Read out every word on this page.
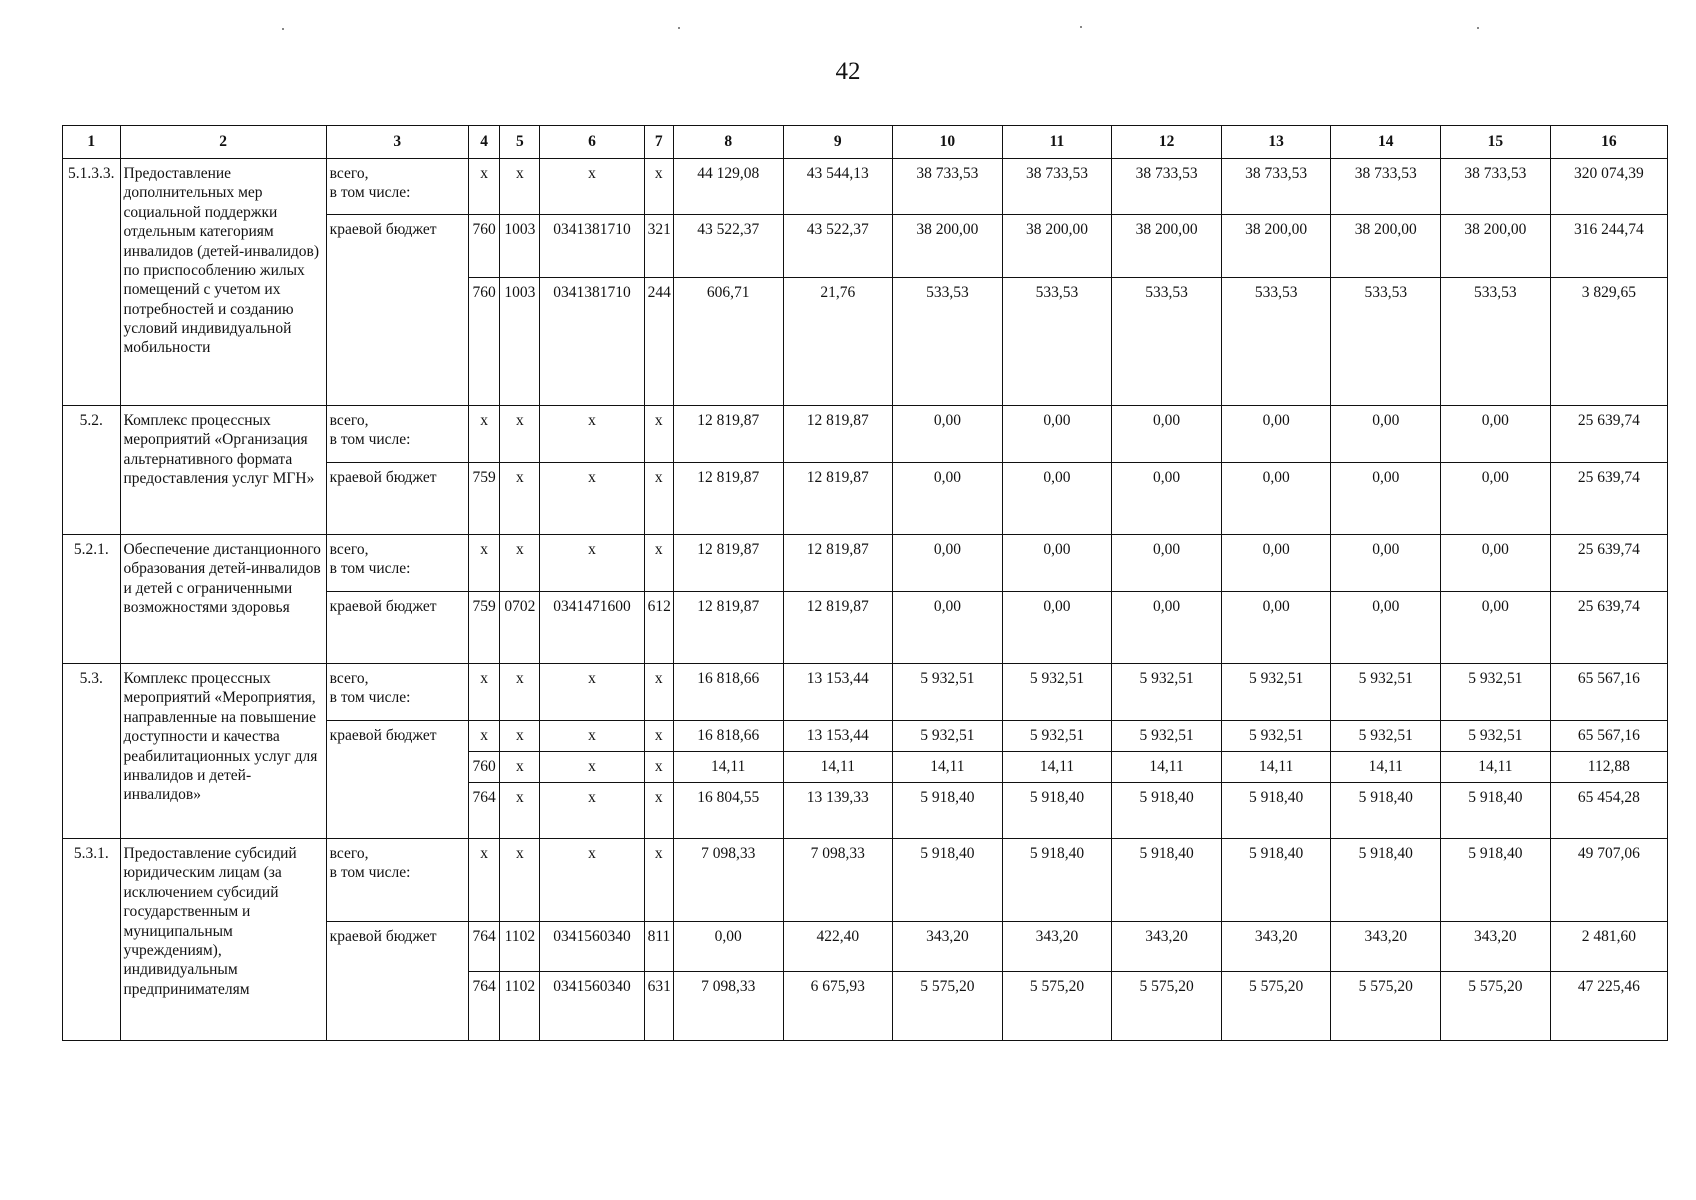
42
1	2	3	4	5	6	7	8	9	10	11	12	13	14	15	16
5.1.3.3.	Предоставление дополнительных мер социальной поддержки отдельным категориям инвалидов (детей-инвалидов) по приспособлению жилых помещений с учетом их потребностей и созданию условий индивидуальной мобильности	всего,
в том числе:	х	х	х	х	44 129,08	43 544,13	38 733,53	38 733,53	38 733,53	38 733,53	38 733,53	38 733,53	320 074,39
		краевой бюджет	760	1003	0341381710	321	43 522,37	43 522,37	38 200,00	38 200,00	38 200,00	38 200,00	38 200,00	38 200,00	316 244,74
			760	1003	0341381710	244	606,71	21,76	533,53	533,53	533,53	533,53	533,53	533,53	3 829,65
5.2.	Комплекс процессных мероприятий «Организация альтернативного формата предоставления услуг МГН»	всего,
в том числе:	х	х	х	х	12 819,87	12 819,87	0,00	0,00	0,00	0,00	0,00	0,00	25 639,74
		краевой бюджет	759	х	х	х	12 819,87	12 819,87	0,00	0,00	0,00	0,00	0,00	0,00	25 639,74
5.2.1.	Обеспечение дистанционного образования детей-инвалидов и детей с ограниченными возможностями здоровья	всего,
в том числе:	х	х	х	х	12 819,87	12 819,87	0,00	0,00	0,00	0,00	0,00	0,00	25 639,74
		краевой бюджет	759	0702	0341471600	612	12 819,87	12 819,87	0,00	0,00	0,00	0,00	0,00	0,00	25 639,74
5.3.	Комплекс процессных мероприятий «Мероприятия, направленные на повышение доступности и качества реабилитационных услуг для инвалидов и детей-инвалидов»	всего,
в том числе:	х	х	х	х	16 818,66	13 153,44	5 932,51	5 932,51	5 932,51	5 932,51	5 932,51	5 932,51	65 567,16
		краевой бюджет	х	х	х	х	16 818,66	13 153,44	5 932,51	5 932,51	5 932,51	5 932,51	5 932,51	5 932,51	65 567,16
			760	х	х	х	14,11	14,11	14,11	14,11	14,11	14,11	14,11	14,11	112,88
			764	х	х	х	16 804,55	13 139,33	5 918,40	5 918,40	5 918,40	5 918,40	5 918,40	5 918,40	65 454,28
5.3.1.	Предоставление субсидий юридическим лицам (за исключением субсидий государственным и муниципальным учреждениям), индивидуальным предпринимателям	всего,
в том числе:	х	х	х	х	7 098,33	7 098,33	5 918,40	5 918,40	5 918,40	5 918,40	5 918,40	5 918,40	49 707,06
		краевой бюджет	764	1102	0341560340	811	0,00	422,40	343,20	343,20	343,20	343,20	343,20	343,20	2 481,60
			764	1102	0341560340	631	7 098,33	6 675,93	5 575,20	5 575,20	5 575,20	5 575,20	5 575,20	5 575,20	47 225,46
